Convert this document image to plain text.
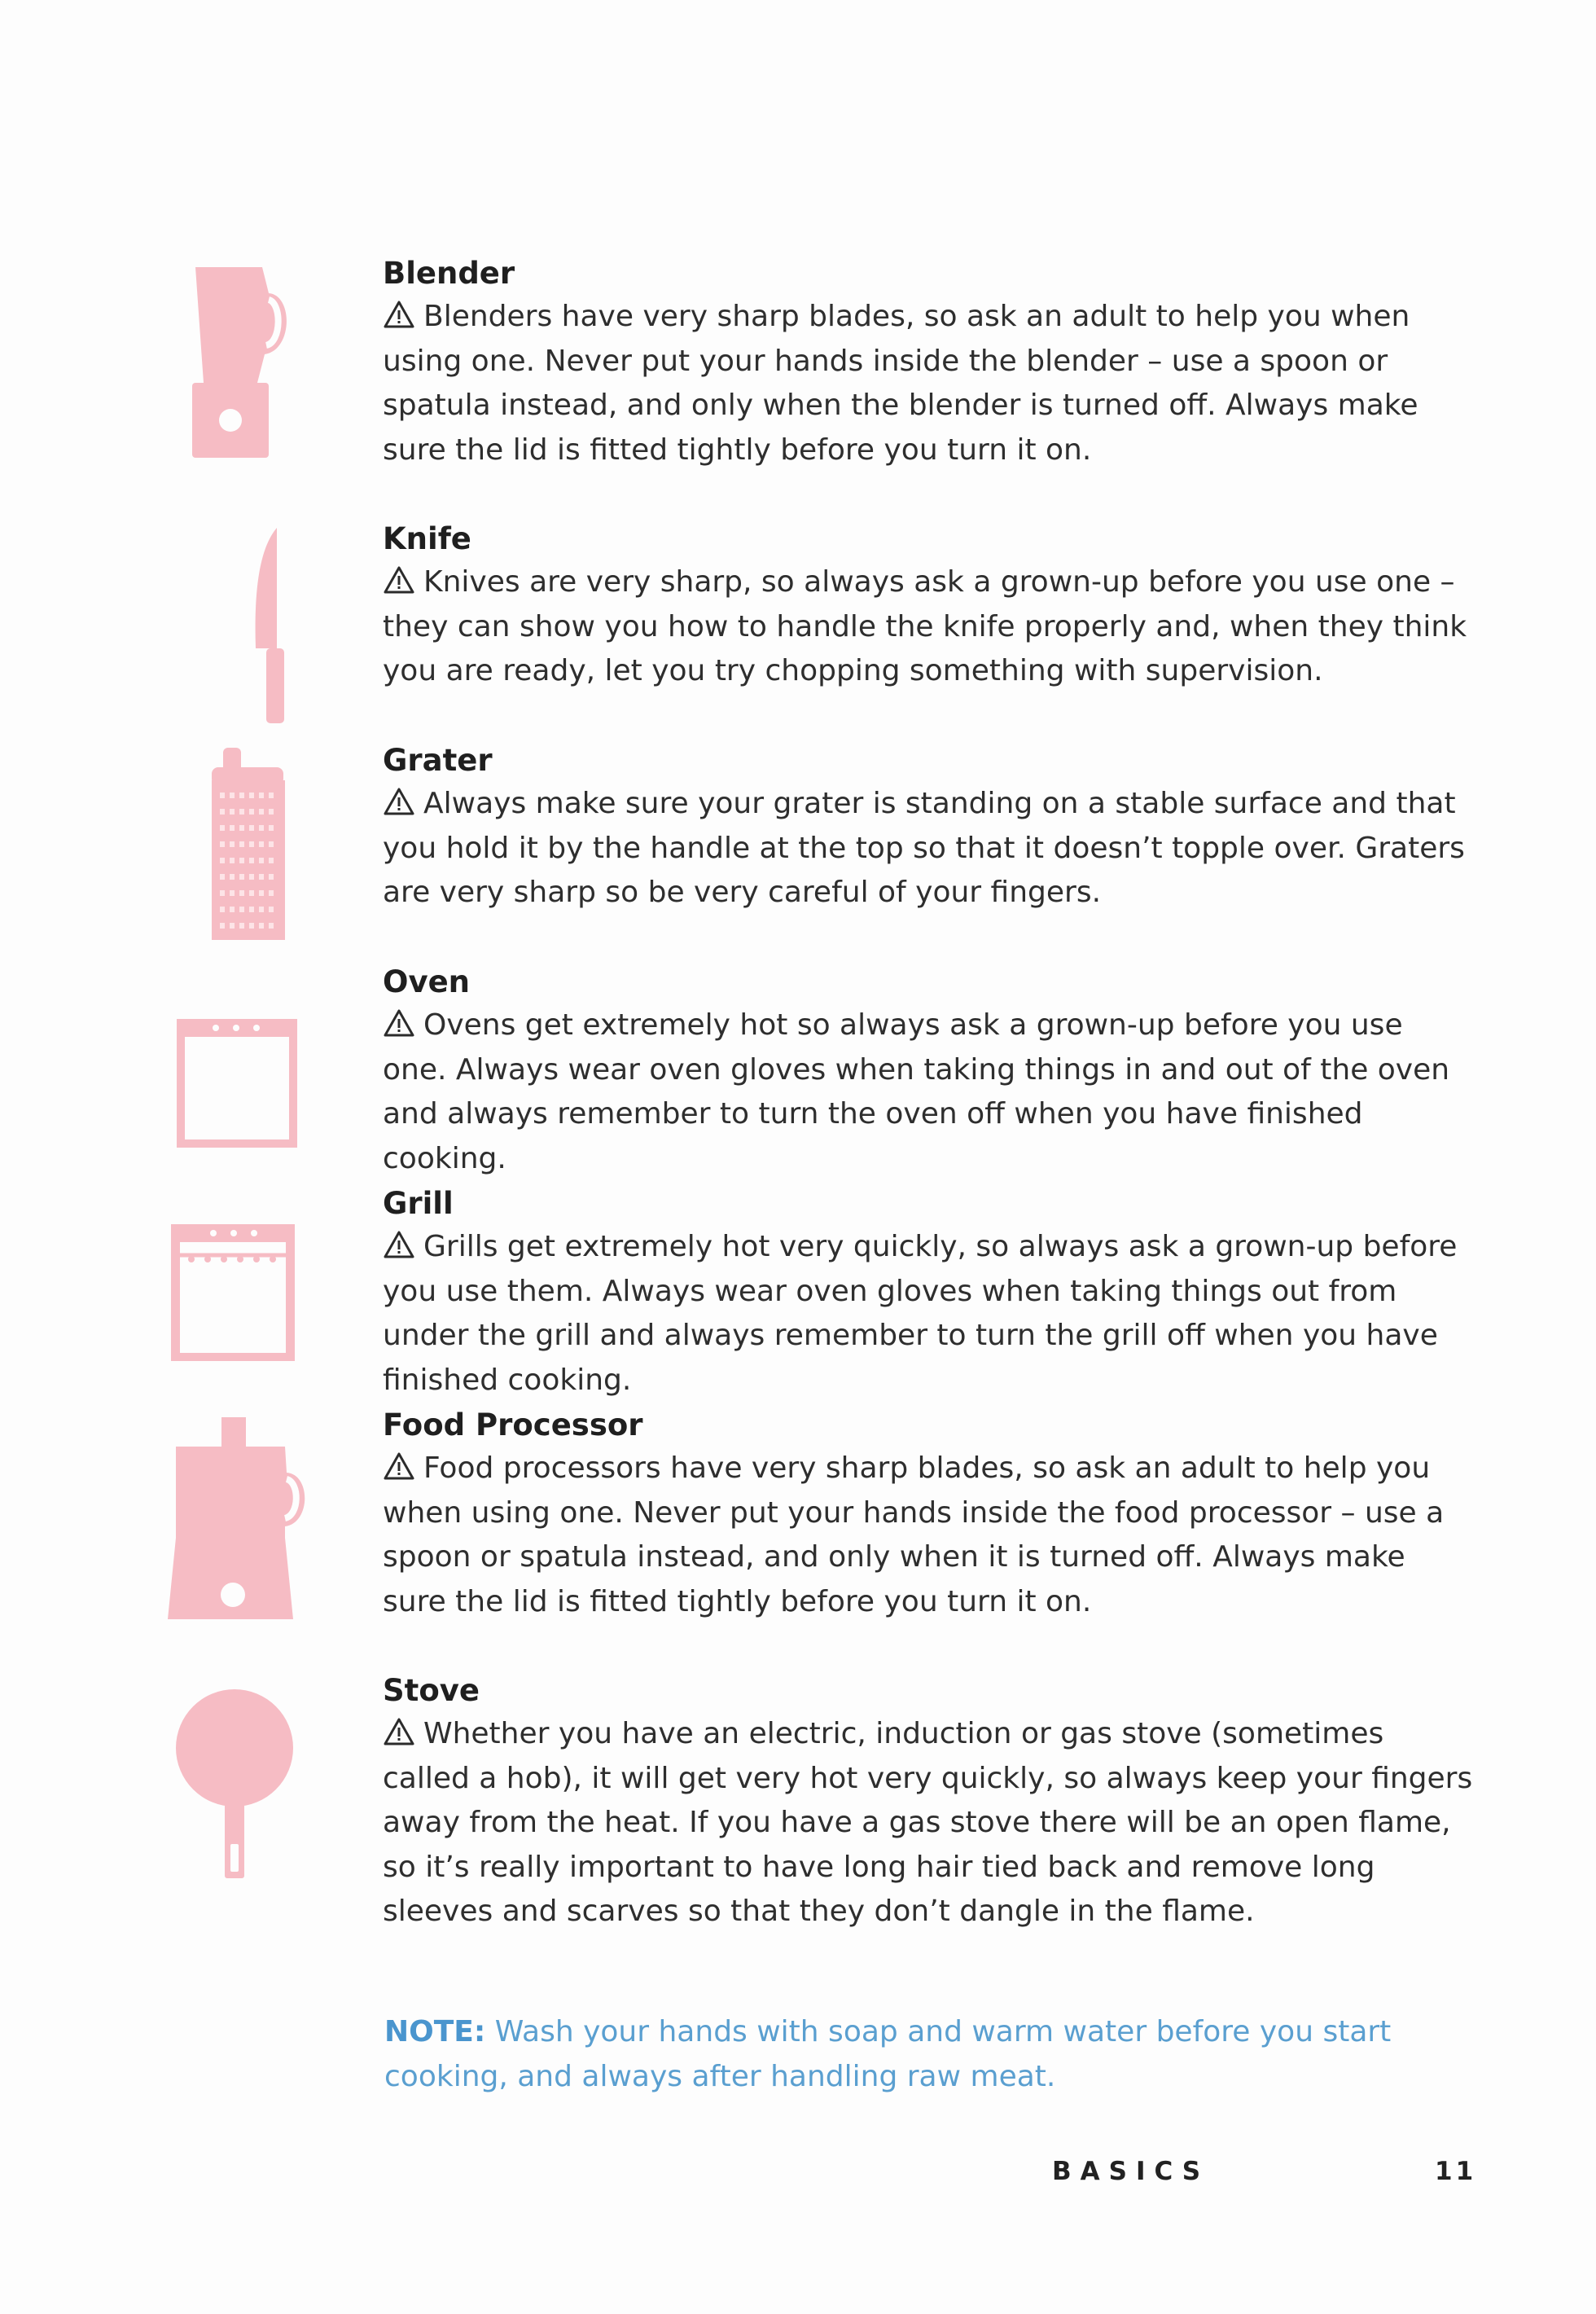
Blender

Blenders have very sharp blades, so ask an adult to help you when using one. Never put your hands inside the blender – use a spoon or spatula instead, and only when the blender is turned off. Always make sure the lid is fitted tightly before you turn it on.

Knife

Knives are very sharp, so always ask a grown-up before you use one – they can show you how to handle the knife properly and, when they think you are ready, let you try chopping something with supervision.

Grater

Always make sure your grater is standing on a stable surface and that you hold it by the handle at the top so that it doesn’t topple over. Graters are very sharp so be very careful of your fingers.

Oven

Ovens get extremely hot so always ask a grown-up before you use one. Always wear oven gloves when taking things in and out of the oven and always remember to turn the oven off when you have finished cooking.

Grill

Grills get extremely hot very quickly, so always ask a grown-up before you use them. Always wear oven gloves when taking things out from under the grill and always remember to turn the grill off when you have finished cooking.

Food Processor

Food processors have very sharp blades, so ask an adult to help you when using one. Never put your hands inside the food processor – use a spoon or spatula instead, and only when it is turned off. Always make sure the lid is fitted tightly before you turn it on.

Stove

Whether you have an electric, induction or gas stove (sometimes called a hob), it will get very hot very quickly, so always keep your fingers away from the heat. If you have a gas stove there will be an open flame, so it’s really important to have long hair tied back and remove long sleeves and scarves so that they don’t dangle in the flame.

NOTE: Wash your hands with soap and warm water before you start cooking, and always after handling raw meat.

BASICS	11
